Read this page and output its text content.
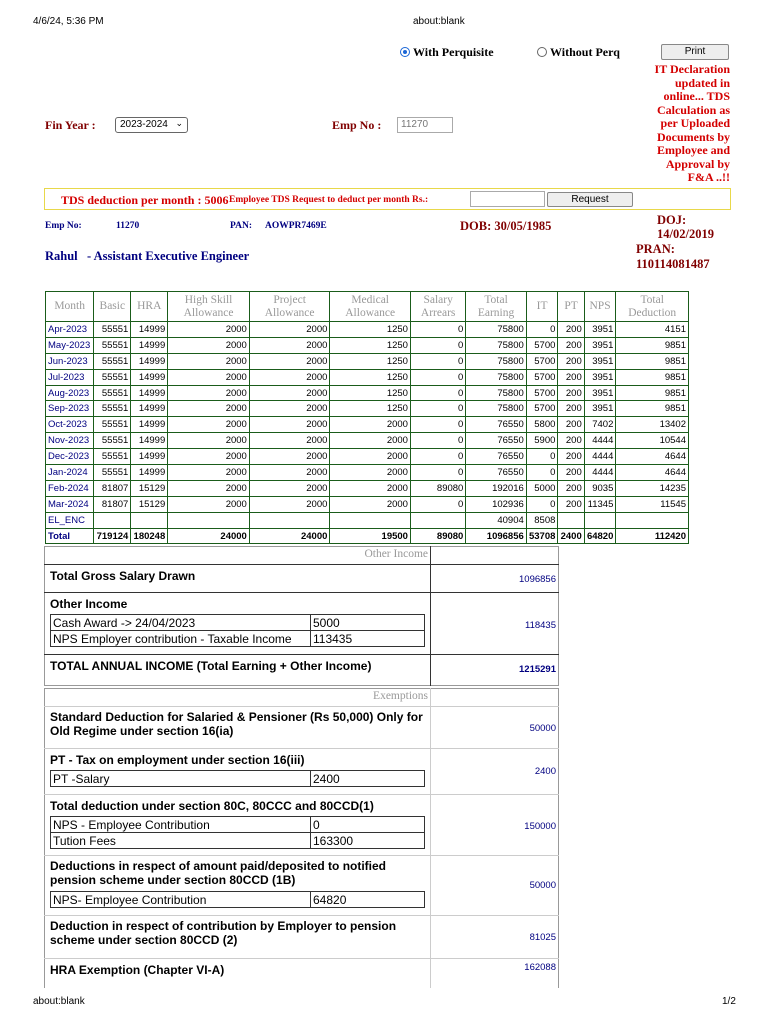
4/6/24, 5:36 PM	about:blank
about:blank	1/2
With Perquisite	Without Perq	Print
IT Declaration updated in online... TDS Calculation as per Uploaded Documents by Employee and Approval by F&A ..!!
Fin Year :	2023-2024 ⌄	Emp No :	11270
TDS deduction per month : 5006 Employee TDS Request to deduct per month Rs.:	Request
Emp No:	11270	PAN: AOWPR7469E	DOB: 30/05/1985	DOJ:
14/02/2019
Rahul   - Assistant Executive Engineer	PRAN:
110114081487
Month	Basic	HRA	High Skill Allowance	Project Allowance	Medical Allowance	Salary Arrears	Total Earning	IT	PT	NPS	Total Deduction
Apr-2023	55551	14999	2000	2000	1250	0	75800	0	200	3951	4151
May-2023	55551	14999	2000	2000	1250	0	75800	5700	200	3951	9851
Jun-2023	55551	14999	2000	2000	1250	0	75800	5700	200	3951	9851
Jul-2023	55551	14999	2000	2000	1250	0	75800	5700	200	3951	9851
Aug-2023	55551	14999	2000	2000	1250	0	75800	5700	200	3951	9851
Sep-2023	55551	14999	2000	2000	1250	0	75800	5700	200	3951	9851
Oct-2023	55551	14999	2000	2000	2000	0	76550	5800	200	7402	13402
Nov-2023	55551	14999	2000	2000	2000	0	76550	5900	200	4444	10544
Dec-2023	55551	14999	2000	2000	2000	0	76550	0	200	4444	4644
Jan-2024	55551	14999	2000	2000	2000	0	76550	0	200	4444	4644
Feb-2024	81807	15129	2000	2000	2000	89080	192016	5000	200	9035	14235
Mar-2024	81807	15129	2000	2000	2000	0	102936	0	200	11345	11545
EL_ENC							40904	8508			
Total	719124	180248	24000	24000	19500	89080	1096856	53708	2400	64820	112420
Other Income
Total Gross Salary Drawn	1096856
Other Income
Cash Award -> 24/04/2023	5000
NPS Employer contribution - Taxable Income	113435
118435
TOTAL ANNUAL INCOME (Total Earning + Other Income)	1215291
Exemptions
Standard Deduction for Salaried & Pensioner (Rs 50,000) Only for Old Regime under section 16(ia)	50000
PT - Tax on employment under section 16(iii)
PT -Salary	2400	2400
Total deduction under section 80C, 80CCC and 80CCD(1)
NPS - Employee Contribution	0
Tution Fees	163300
150000
Deductions in respect of amount paid/deposited to notified pension scheme under section 80CCD (1B)
NPS- Employee Contribution	64820
50000
Deduction in respect of contribution by Employer to pension scheme under section 80CCD (2)	81025
HRA Exemption (Chapter VI-A)	162088
